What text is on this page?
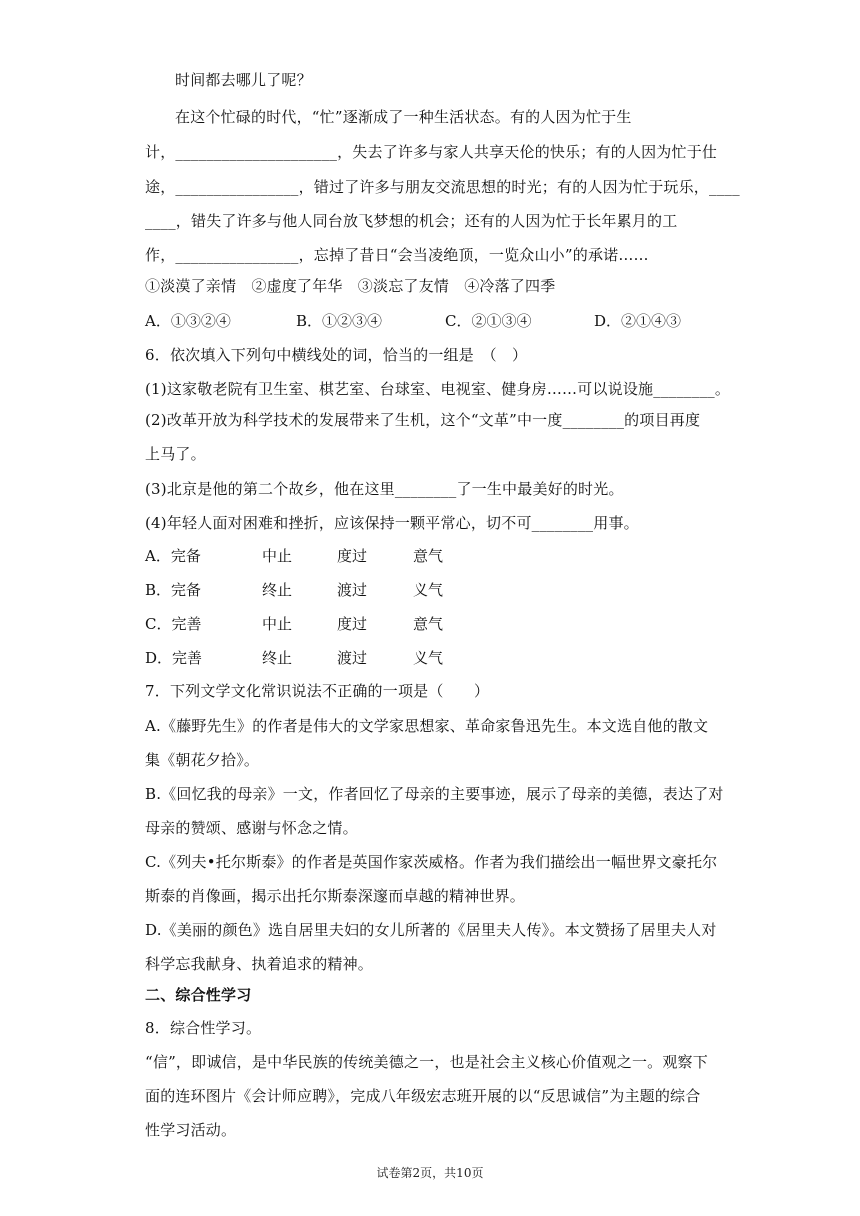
时间都去哪儿了呢？
在这个忙碌的时代，“忙”逐渐成了一种生活状态。有的人因为忙于生
计，_____________________，失去了许多与家人共享天伦的快乐；有的人因为忙于仕
途，________________，错过了许多与朋友交流思想的时光；有的人因为忙于玩乐，____
____，错失了许多与他人同台放飞梦想的机会；还有的人因为忙于长年累月的工
作，________________，忘掉了昔日“会当凌绝顶，一览众山小”的承诺……
①淡漠了亲情　②虚度了年华　③淡忘了友情　④冷落了四季
A．①③②④	B．①②③④	C．②①③④	D．②①④③
6．依次填入下列句中横线处的词，恰当的一组是　（　）
(1)这家敬老院有卫生室、棋艺室、台球室、电视室、健身房……可以说设施________。
(2)改革开放为科学技术的发展带来了生机，这个“文革”中一度________的项目再度
上马了。
(3)北京是他的第二个故乡，他在这里________了一生中最美好的时光。
(4)年轻人面对困难和挫折，应该保持一颗平常心，切不可________用事。
A．完备	中止	度过	意气
B．完备	终止	渡过	义气
C．完善	中止	度过	意气
D．完善	终止	渡过	义气
7．下列文学文化常识说法不正确的一项是（　　）
A.《藤野先生》的作者是伟大的文学家思想家、革命家鲁迅先生。本文选自他的散文
集《朝花夕拾》。
B.《回忆我的母亲》一文，作者回忆了母亲的主要事迹，展示了母亲的美德，表达了对
母亲的赞颂、感谢与怀念之情。
C.《列夫•托尔斯泰》的作者是英国作家茨威格。作者为我们描绘出一幅世界文豪托尔
斯泰的肖像画，揭示出托尔斯泰深邃而卓越的精神世界。
D.《美丽的颜色》选自居里夫妇的女儿所著的《居里夫人传》。本文赞扬了居里夫人对
科学忘我献身、执着追求的精神。
二、综合性学习
8．综合性学习。
“信”，即诚信，是中华民族的传统美德之一，也是社会主义核心价值观之一。观察下
面的连环图片《会计师应聘》，完成八年级宏志班开展的以“反思诚信”为主题的综合
性学习活动。
试卷第2页，共10页
